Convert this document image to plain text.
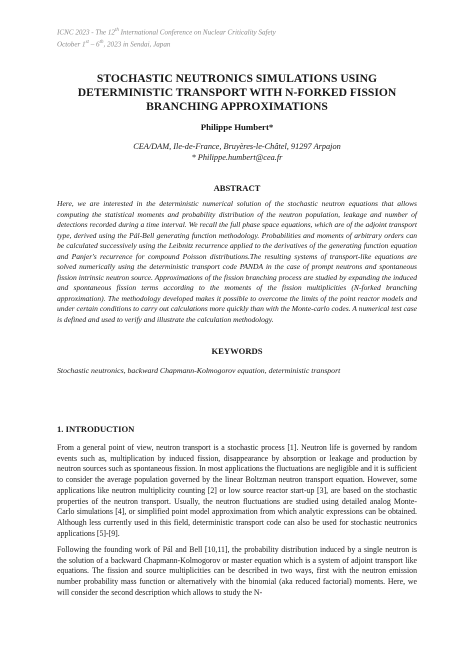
ICNC 2023 - The 12th International Conference on Nuclear Criticality Safety
October 1st – 6th, 2023 in Sendai, Japan
STOCHASTIC NEUTRONICS SIMULATIONS USING
DETERMINISTIC TRANSPORT WITH N-FORKED FISSION
BRANCHING APPROXIMATIONS
Philippe Humbert*
CEA/DAM, Ile-de-France, Bruyères-le-Châtel, 91297 Arpajon
* Philippe.humbert@cea.fr
ABSTRACT
Here, we are interested in the deterministic numerical solution of the stochastic neutron equations that allows computing the statistical moments and probability distribution of the neutron population, leakage and number of detections recorded during a time interval. We recall the full phase space equations, which are of the adjoint transport type, derived using the Pál-Bell generating function methodology. Probabilities and moments of arbitrary orders can be calculated successively using the Leibnitz recurrence applied to the derivatives of the generating function equation and Panjer's recurrence for compound Poisson distributions.The resulting systems of transport-like equations are solved numerically using the deterministic transport code PANDA in the case of prompt neutrons and spontaneous fission intrinsic neutron source. Approximations of the fission branching process are studied by expanding the induced and spontaneous fission terms according to the moments of the fission multiplicities (N-forked branching approximation). The methodology developed makes it possible to overcome the limits of the point reactor models and under certain conditions to carry out calculations more quickly than with the Monte-carlo codes. A numerical test case is defined and used to verify and illustrate the calculation methodology.
KEYWORDS
Stochastic neutronics, backward Chapmann-Kolmogorov equation, deterministic transport
1. INTRODUCTION
From a general point of view, neutron transport is a stochastic process [1]. Neutron life is governed by random events such as, multiplication by induced fission, disappearance by absorption or leakage and production by neutron sources such as spontaneous fission. In most applications the fluctuations are negligible and it is sufficient to consider the average population governed by the linear Boltzman neutron transport equation. However, some applications like neutron multiplicity counting [2] or low source reactor start-up [3], are based on the stochastic properties of the neutron transport. Usually, the neutron fluctuations are studied using detailed analog Monte-Carlo simulations [4], or simplified point model approximation from which analytic expressions can be obtained. Although less currently used in this field, deterministic transport code can also be used for stochastic neutronics applications [5]-[9].
Following the founding work of Pál and Bell [10,11], the probability distribution induced by a single neutron is the solution of a backward Chapmann-Kolmogorov or master equation which is a system of adjoint transport like equations. The fission and source multiplicities can be described in two ways, first with the neutron emission number probability mass function or alternatively with the binomial (aka reduced factorial) moments. Here, we will consider the second description which allows to study the N-
